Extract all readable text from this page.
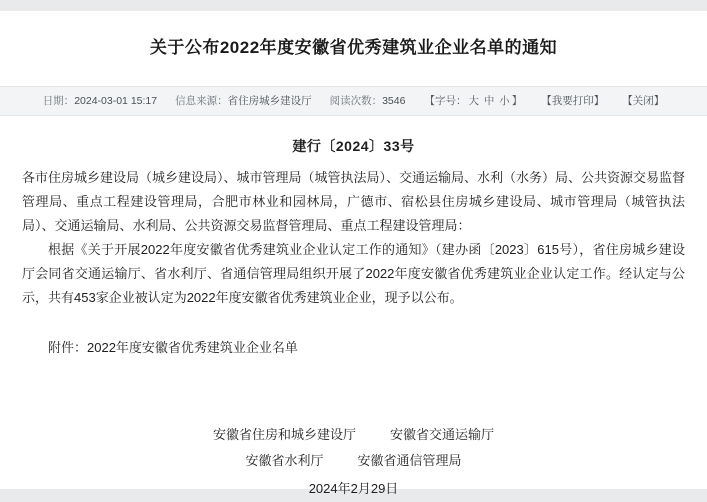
关于公布2022年度安徽省优秀建筑业企业名单的通知
日期：2024-03-01 15:17 信息来源：省住房城乡建设厅 阅读次数：3546 【字号： 大 中 小 】 【我要打印】 【关闭】
建行〔2024〕33号

各市住房城乡建设局（城乡建设局）、城市管理局（城管执法局）、交通运输局、水利（水务）局、公共资源交易监督管理局、重点工程建设管理局，合肥市林业和园林局，广德市、宿松县住房城乡建设局、城市管理局（城管执法局）、交通运输局、水利局、公共资源交易监督管理局、重点工程建设管理局：

根据《关于开展2022年度安徽省优秀建筑业企业认定工作的通知》（建办函〔2023〕615号），省住房城乡建设厅会同省交通运输厅、省水利厅、省通信管理局组织开展了2022年度安徽省优秀建筑业企业认定工作。经认定与公示，共有453家企业被认定为2022年度安徽省优秀建筑业企业，现予以公布。

附件：2022年度安徽省优秀建筑业企业名单

安徽省住房和城乡建设厅	安徽省交通运输厅
安徽省水利厅	安徽省通信管理局
2024年2月29日
